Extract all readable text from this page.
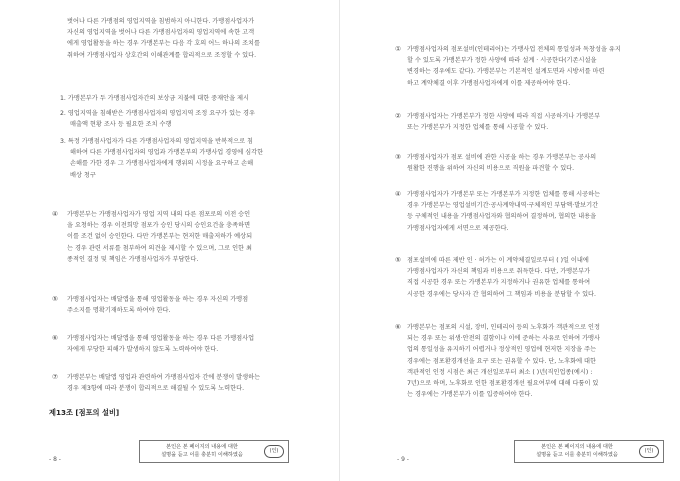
벗어나 다른 가맹점의 영업지역을 침범하지 아니한다. 가맹점사업자가
자신의 영업지역을 벗어나 다른 가맹점사업자의 영업지역에 속한 고객
에게 영업활동을 하는 경우 가맹본부는 다음 각 호의 어느 하나의 조치를
취하여 가맹점사업자 상호간의 이해관계를 합리적으로 조정할 수 있다.
1. 가맹본부가 두 가맹점사업자간의 보상금 지불에 대한 중재안을 제시
2. 영업지역을 침해받은 가맹점사업자의 영업지역 조정 요구가 있는 경우
매출액 현황 조사 등 필요한 조치 수행
3. 특정 가맹점사업자가 다른 가맹점사업자의 영업지역을 반복적으로 침
해하여 다른 가맹점사업자의 영업과 가맹본부의 가맹사업 경영에 심각한
손해를 가한 경우 그 가맹점사업자에게 행위의 시정을 요구하고 손해
배상 청구
④ 가맹본부는 가맹점사업자가 영업 지역 내의 다른 점포로의 이전 승인
을 요청하는 경우 이전희망 점포가 승인 당시의 승인요건을 충족하면
이를 조건 없이 승인한다. 다만 가맹본부는 현저한 매출저하가 예상되
는 경우 관련 서류를 첨부하여 의견을 제시할 수 있으며, 그로 인한 최
종적인 결정 및 책임은 가맹점사업자가 부담한다.
⑤ 가맹점사업자는 배달앱을 통해 영업활동을 하는 경우 자신의 가맹점
주소지를 명확기재하도록 하여야 한다.
⑥ 가맹점사업자는 배달앱을 통해 영업활동을 하는 경우 다른 가맹점사업
자에게 부당한 피해가 발생하지 않도록 노력하여야 한다.
⑦ 가맹본부는 배달앱 영업과 관련하여 가맹점사업자 간에 분쟁이 발생하는
경우 제3항에 따라 분쟁이 합리적으로 해결될 수 있도록 노력한다.
제13조 [점포의 설비]
본인은 본 페이지의 내용에 대한
설명을 듣고 이를 충분히 이해하였음
(인)
- 8 -
① 가맹점사업자의 점포설비(인테리어)는 가맹사업 전체의 통일성과 독창성을 유지
할 수 있도록 가맹본부가 정한 사양에 따라 설계 · 시공한다(기존시설을
변경하는 경우에도 같다). 가맹본부는 기본적인 설계도면과 시방서를 마련
하고 계약체결 이후 가맹점사업자에게 이를 제공하여야 한다.
② 가맹점사업자는 가맹본부가 정한 사양에 따라 직접 시공하거나 가맹본부
또는 가맹본부가 지정한 업체를 통해 시공할 수 있다.
③ 가맹점사업자가 점포 설비에 관한 시공을 하는 경우 가맹본부는 공사의
원활한 진행을 위하여 자신의 비용으로 직원을 파견할 수 있다.
④ 가맹점사업자가 가맹본부 또는 가맹본부가 지정한 업체를 통해 시공하는
경우 가맹본부는 영업설비기간·공사계약내역·구체적인 부담액·발보기간
등 구체적인 내용을 가맹점사업자와 협의하여 결정하며, 협의한 내용을
가맹점사업자에게 서면으로 제공한다.
⑤ 점포설비에 따른 제반 인 · 허가는 이 계약체결일로부터 ( )일 이내에
가맹점사업자가 자신의 책임과 비용으로 취득한다. 다만, 가맹본부가
직접 시공한 경우 또는 가맹본부가 지정하거나 권유한 업체를 통하여
시공한 경우에는 당사자 간 협의하여 그 책임과 비용을 분담할 수 있다.
⑥ 가맹본부는 점포의 시설, 장비, 인테리어 등의 노후화가 객관적으로 인정
되는 경우 또는 위생·안전의 결함이나 이에 준하는 사유로 인하여 가맹사
업의 통일성을 유지하기 어렵거나 정상적인 영업에 현저한 지장을 주는
경우에는 점포환경개선을 요구 또는 권유할 수 있다. 단, 노후화에 대한
객관적인 인정 시점은 최근 개선일로부터 최소 ( )년(직인업종(예시) :
7년)으로 하며, 노후화로 인한 점포환경개선 필요여부에 대해 다툼이 있
는 경우에는 가맹본부가 이를 입증하여야 한다.
본인은 본 페이지의 내용에 대한
설명을 듣고 이를 충분히 이해하였음
(인)
- 9 -
